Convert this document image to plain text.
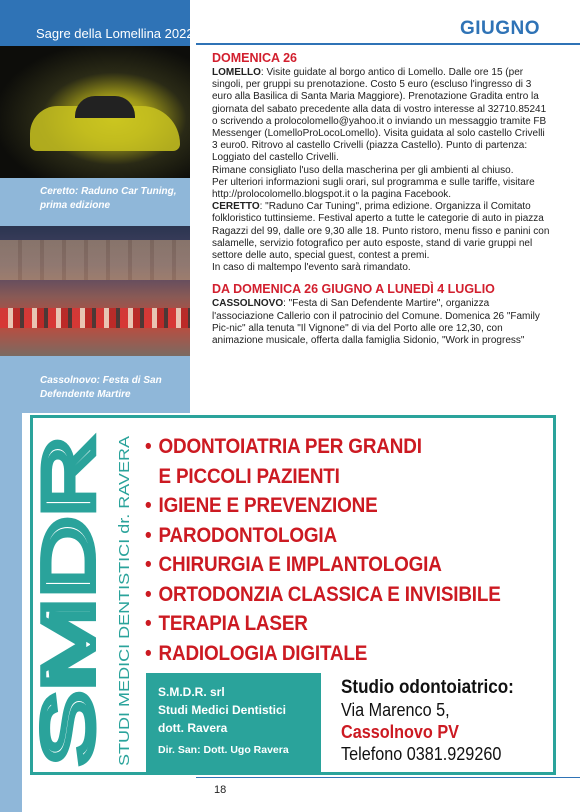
Sagre della Lomellina 2022
Ceretto: Raduno Car Tuning, prima edizione
Cassolnovo: Festa di San Defendente Martire
GIUGNO
DOMENICA 26

LOMELLO: Visite guidate al borgo antico di Lomello. Dalle ore 15 (per singoli, per gruppi su prenotazione. Costo 5 euro (escluso l'ingresso di 3 euro alla Basilica di Santa Maria Maggiore). Prenotazione Gradita entro la giornata del sabato precedente alla data di vostro interesse al 32710.85241 o scrivendo a prolocolomello@yahoo.it o inviando un messaggio tramite FB Messenger (LomelloProLocoLomello). Visita guidata al solo castello Crivelli 3 euro0. Ritrovo al castello Crivelli (piazza Castello). Punto di partenza: Loggiato del castello Crivelli.

Rimane consigliato l'uso della mascherina per gli ambienti al chiuso.

Per ulteriori informazioni sugli orari, sul programma e sulle tariffe, visitare http://prolocolomello.blogspot.it o la pagina Facebook.

CERETTO: "Raduno Car Tuning", prima edizione. Organizza il Comitato folkloristico tuttinsieme. Festival aperto a tutte le categorie di auto in piazza Ragazzi del 99, dalle ore 9,30 alle 18. Punto ristoro, menu fisso e panini con salamelle, servizio fotografico per auto esposte, stand di varie gruppi nel settore delle auto, special guest, contest a premi.

In caso di maltempo l'evento sarà rimandato.

DA DOMENICA 26 GIUGNO A LUNEDÌ 4 LUGLIO

CASSOLNOVO: "Festa di San Defendente Martire", organizza l'associazione Callerio con il patrocinio del Comune. Domenica 26 "Family Pic-nic" alla tenuta "Il Vignone" di via del Porto alle ore 12,30, con animazione musicale, offerta dalla famiglia Sidonio, "Work in progress"

SMDR STUDI MEDICI DENTISTICI dr. RAVERA
• ODONTOIATRIA PER GRANDI
E PICCOLI PAZIENTI
• IGIENE E PREVENZIONE
• PARODONTOLOGIA
• CHIRURGIA E IMPLANTOLOGIA
• ORTODONZIA CLASSICA E INVISIBILE
• TERAPIA LASER
• RADIOLOGIA DIGITALE
S.M.D.R. srl
Studi Medici Dentistici
dott. Ravera
Dir. San: Dott. Ugo Ravera
Studio odontoiatrico:
Via Marenco 5,
Cassolnovo PV
Telefono 0381.929260
18
